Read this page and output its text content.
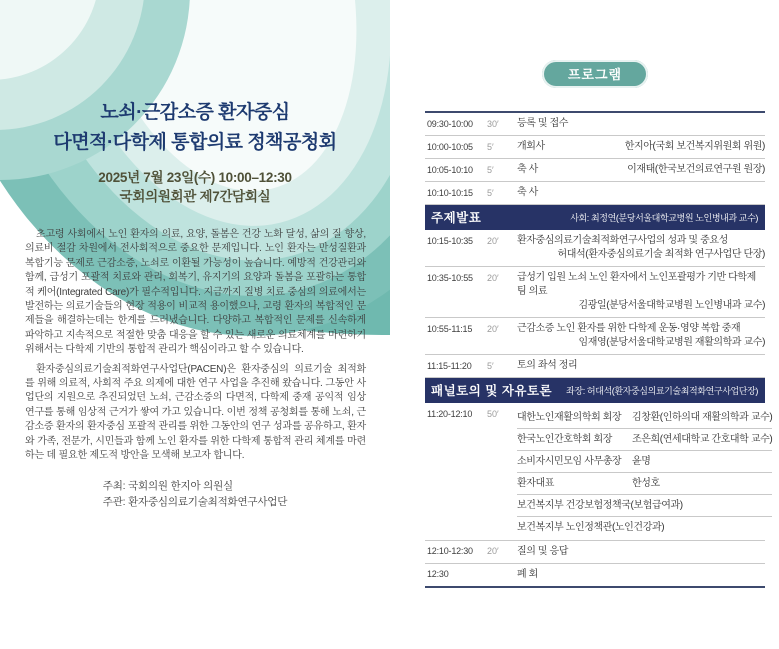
노쇠·근감소증 환자중심
다면적·다학제 통합의료 정책공청회
2025년 7월 23일(수) 10:00–12:30
국회의원회관 제7간담회실

초고령 사회에서 노인 환자의 의료, 요양, 돌봄은 건강 노화 달성, 삶의 질 향상, 의료비 절감 차원에서 전사회적으로 중요한 문제입니다. 노인 환자는 만성질환과 복합기능 문제로 근감소증, 노쇠로 이환될 가능성이 높습니다. 예방적 건강관리와 함께, 급성기 포괄적 치료와 관리, 회복기, 유지기의 요양과 돌봄을 포괄하는 통합적 케어(Integrated Care)가 필수적입니다. 지금까지 질병 치료 중심의 의료에서는 발전하는 의료기술들의 현장 적용이 비교적 용이했으나, 고령 환자의 복합적인 문제들을 해결하는데는 한계를 드러냈습니다. 다양하고 복합적인 문제를 신속하게 파악하고 지속적으로 적절한 맞춤 대응을 할 수 있는 새로운 의료체계를 마련하기 위해서는 다학제 기반의 통합적 관리가 핵심이라고 할 수 있습니다.

환자중심의료기술최적화연구사업단(PACEN)은 환자중심의 의료기술 최적화를 위해 의료적, 사회적 주요 의제에 대한 연구 사업을 추진해 왔습니다. 그동안 사업단의 지원으로 추진되었던 노쇠, 근감소증의 다면적, 다학제 중재 공익적 임상 연구를 통해 임상적 근거가 쌓여 가고 있습니다. 이번 정책 공청회를 통해 노쇠, 근감소증 환자의 환자중심 포괄적 관리를 위한 그동안의 연구 성과를 공유하고, 환자와 가족, 전문가, 시민들과 함께 노인 환자를 위한 다학제 통합적 관리 체계를 마련하는 데 필요한 제도적 방안을 모색해 보고자 합니다.

주최: 국회의원 한지아 의원실
주관: 환자중심의료기술최적화연구사업단
프로그램
09:30-10:00	30′	등록 및 접수
10:00-10:05	5′	개회사	한지아(국회 보건복지위원회 위원)
10:05-10:10	5′	축 사	이재태(한국보건의료연구원 원장)
10:10-10:15	5′	축 사
주제발표	사회: 최정연(분당서울대학교병원 노인병내과 교수)
10:15-10:35	20′	환자중심의료기술최적화연구사업의 성과 및 중요성
허대석(환자중심의료기술 최적화 연구사업단 단장)
10:35-10:55	20′	급성기 입원 노쇠 노인 환자에서 노인포괄평가 기반 다학제 팀 의료
김광일(분당서울대학교병원 노인병내과 교수)
10:55-11:15	20′	근감소증 노인 환자를 위한 다학제 운동·영양 복합 중재
임재영(분당서울대학교병원 재활의학과 교수)
11:15-11:20	5′	토의 좌석 정리
패널토의 및 자유토론 좌장: 허대석(환자중심의료기술최적화연구사업단장)
11:20-12:10	50′	대한노인재활의학회 회장	김창환(인하의대 재활의학과 교수)
한국노인간호학회 회장	조은희(연세대학교 간호대학 교수)
소비자시민모임 사무총장	윤명
환자대표	한성호
보건복지부 건강보험정책국(보험급여과)
보건복지부 노인정책관(노인건강과)
12:10-12:30	20′	질의 및 응답
12:30	폐 회
